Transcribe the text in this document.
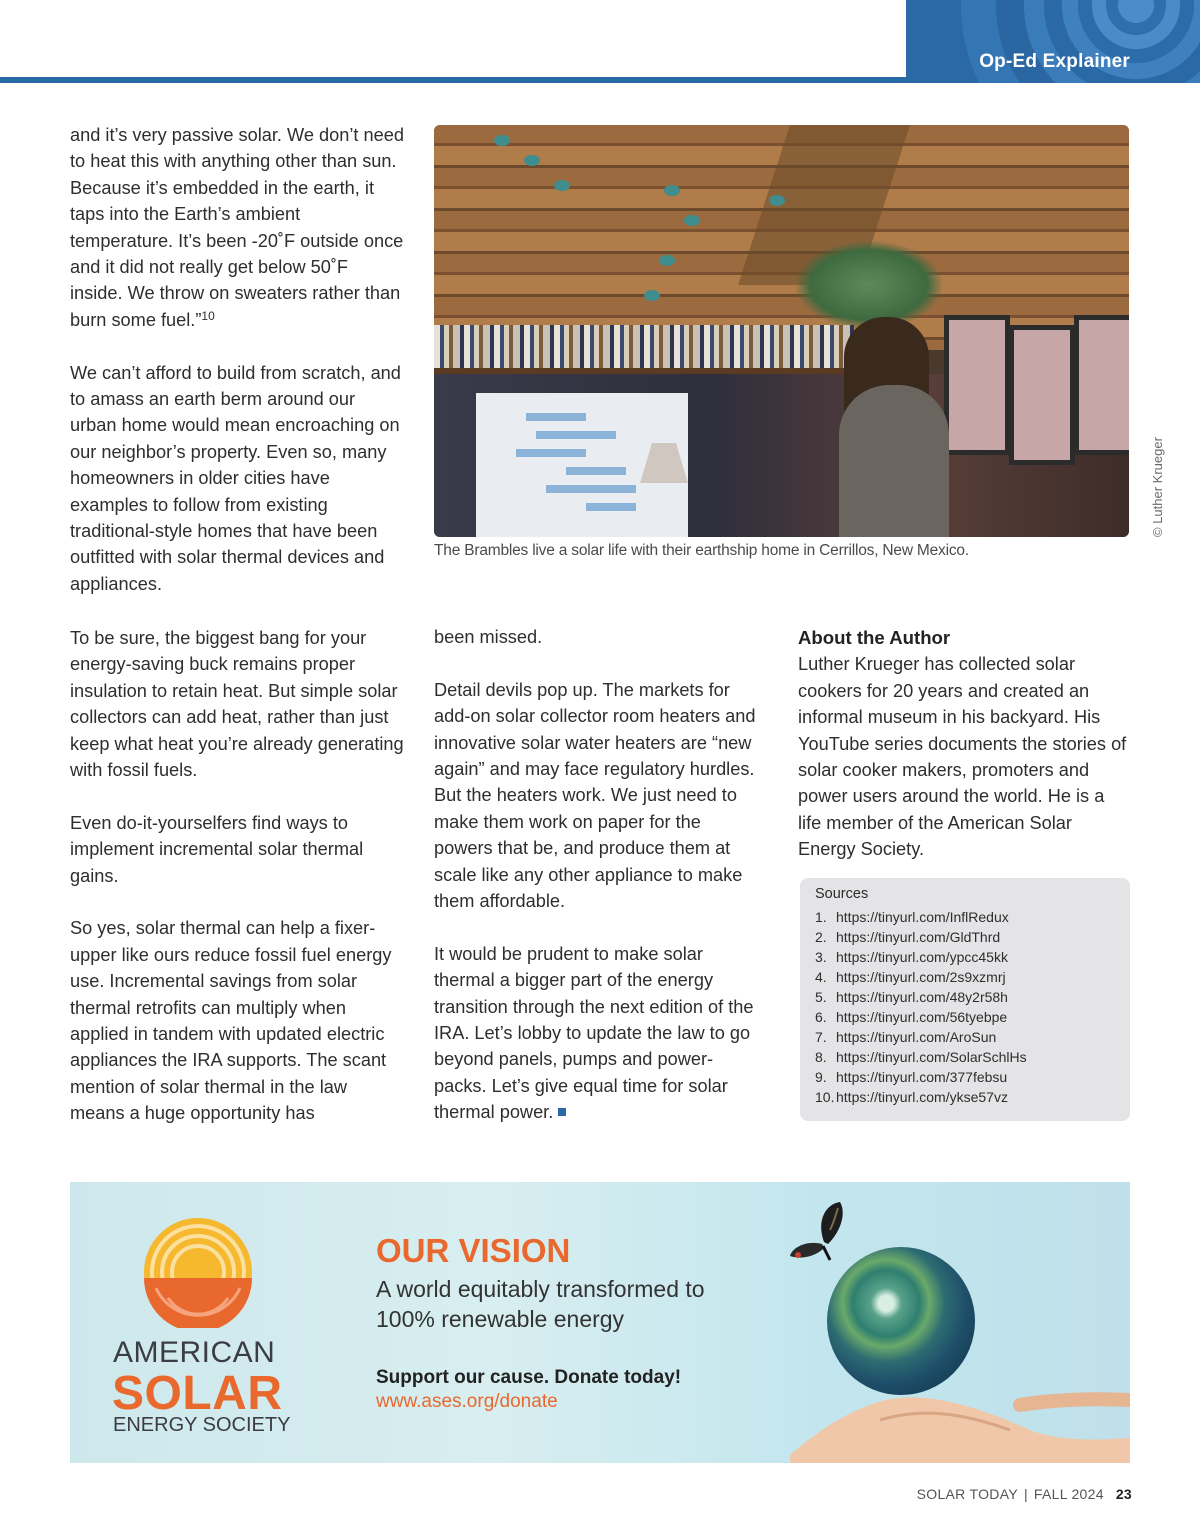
Op-Ed Explainer

and it’s very passive solar. We don’t need to heat this with anything other than sun. Because it’s embedded in the earth, it taps into the Earth’s ambient temperature. It’s been -20˚F outside once and it did not really get below 50˚F inside. We throw on sweaters rather than burn some fuel.”$^{10}$

We can’t afford to build from scratch, and to amass an earth berm around our urban home would mean encroaching on our neighbor’s property. Even so, many homeowners in older cities have examples to follow from existing traditional-style homes that have been outfitted with solar thermal devices and appliances.

The Brambles live a solar life with their earthship home in Cerrillos, New Mexico.
© Luther Krueger

To be sure, the biggest bang for your energy-saving buck remains proper insulation to retain heat. But simple solar collectors can add heat, rather than just keep what heat you’re already generating with fossil fuels.

Even do-it-yourselfers find ways to implement incremental solar thermal gains.

So yes, solar thermal can help a fixer-upper like ours reduce fossil fuel energy use. Incremental savings from solar thermal retrofits can multiply when applied in tandem with updated electric appliances the IRA supports. The scant mention of solar thermal in the law means a huge opportunity has

been missed.

Detail devils pop up. The markets for add-on solar collector room heaters and innovative solar water heaters are “new again” and may face regulatory hurdles. But the heaters work. We just need to make them work on paper for the powers that be, and produce them at scale like any other appliance to make them affordable.

It would be prudent to make solar thermal a bigger part of the energy transition through the next edition of the IRA. Let’s lobby to update the law to go beyond panels, pumps and power-packs. Let’s give equal time for solar thermal power.

About the Author

Luther Krueger has collected solar cookers for 20 years and created an informal museum in his backyard. His YouTube series documents the stories of solar cooker makers, promoters and power users around the world. He is a life member of the American Solar Energy Society.

Sources
1. https://tinyurl.com/InflRedux
2. https://tinyurl.com/GldThrd
3. https://tinyurl.com/ypcc45kk
4. https://tinyurl.com/2s9xzmrj
5. https://tinyurl.com/48y2r58h
6. https://tinyurl.com/56tyebpe
7. https://tinyurl.com/AroSun
8. https://tinyurl.com/SolarSchlHs
9. https://tinyurl.com/377febsu
10. https://tinyurl.com/ykse57vz
AMERICAN
SOLAR
ENERGY SOCIETY
OUR VISION
A world equitably transformed to 100% renewable energy
Support our cause. Donate today!
www.ases.org/donate
SOLAR TODAY | FALL 2024 23
